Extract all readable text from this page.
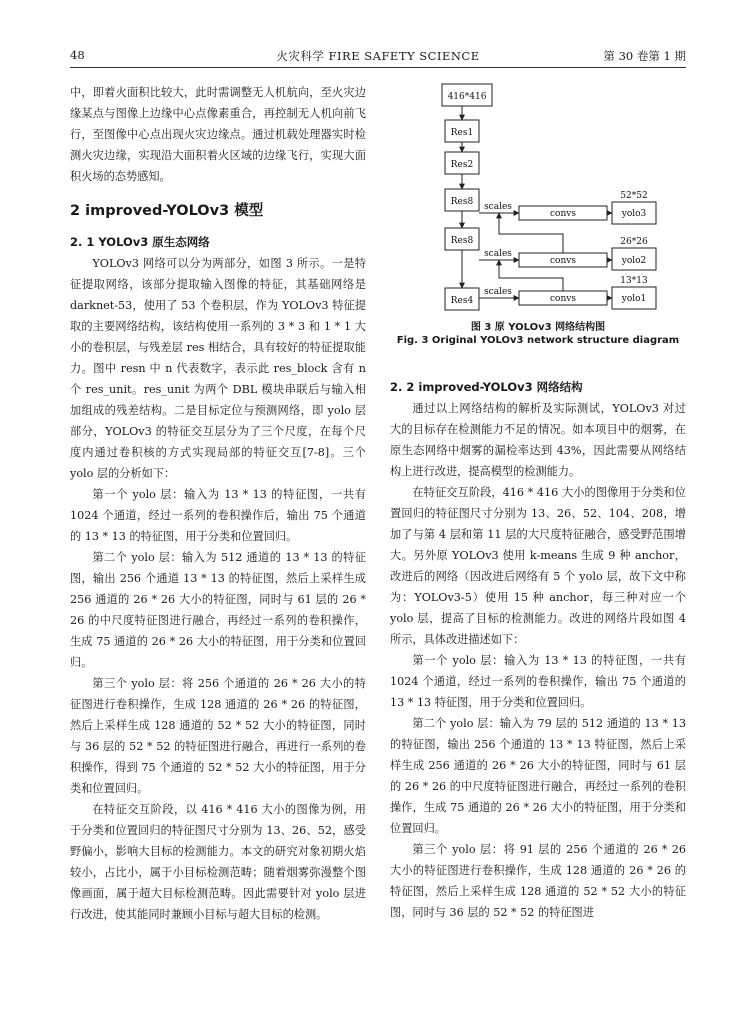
48	火灾科学 FIRE SAFETY SCIENCE	第 30 卷第 1 期

中，即着火面积比较大，此时需调整无人机航向，至火灾边缘某点与图像上边缘中心点像素重合，再控制无人机向前飞行，至图像中心点出现火灾边缘点。通过机载处理器实时检测火灾边缘，实现沿大面积着火区域的边缘飞行，实现大面积火场的态势感知。

2 improved-YOLOv3 模型
2. 1 YOLOv3 原生态网络

YOLOv3 网络可以分为两部分，如图 3 所示。一是特征提取网络，该部分提取输入图像的特征，其基础网络是 darknet-53，使用了 53 个卷积层，作为 YOLOv3 特征提取的主要网络结构，该结构使用一系列的 3 * 3 和 1 * 1 大小的卷积层，与残差层 res 相结合，具有较好的特征提取能力。图中 resn 中 n 代表数字，表示此 res_block 含有 n 个 res_unit。res_unit 为两个 DBL 模块串联后与输入相加组成的残差结构。二是目标定位与预测网络，即 yolo 层部分，YOLOv3 的特征交互层分为了三个尺度，在每个尺度内通过卷积核的方式实现局部的特征交互[7-8]。三个 yolo 层的分析如下：

第一个 yolo 层：输入为 13 * 13 的特征图，一共有 1024 个通道，经过一系列的卷积操作后，输出 75 个通道的 13 * 13 的特征图，用于分类和位置回归。

第二个 yolo 层：输入为 512 通道的 13 * 13 的特征图，输出 256 个通道 13 * 13 的特征图，然后上采样生成 256 通道的 26 * 26 大小的特征图，同时与 61 层的 26 * 26 的中尺度特征图进行融合，再经过一系列的卷积操作，生成 75 通道的 26 * 26 大小的特征图，用于分类和位置回归。

第三个 yolo 层：将 256 个通道的 26 * 26 大小的特征图进行卷积操作，生成 128 通道的 26 * 26 的特征图，然后上采样生成 128 通道的 52 * 52 大小的特征图，同时与 36 层的 52 * 52 的特征图进行融合，再进行一系列的卷积操作，得到 75 个通道的 52 * 52 大小的特征图，用于分类和位置回归。

在特征交互阶段，以 416 * 416 大小的图像为例，用于分类和位置回归的特征图尺寸分别为 13、26、52，感受野偏小，影响大目标的检测能力。本文的研究对象初期火焰较小，占比小，属于小目标检测范畴；随着烟雾弥漫整个图像画面，属于超大目标检测范畴。因此需要针对 yolo 层进行改进，使其能同时兼顾小目标与超大目标的检测。

416*416
Res1
Res2
Res8
Res8
Res4
scales
scales
scales
convs
convs
convs
yolo3
yolo2
yolo1
52*52
26*26
13*13
图 3 原 YOLOv3 网络结构图
Fig. 3 Original YOLOv3 network structure diagram
2. 2 improved-YOLOv3 网络结构

通过以上网络结构的解析及实际测试，YOLOv3 对过大的目标存在检测能力不足的情况。如本项目中的烟雾，在原生态网络中烟雾的漏检率达到 43%，因此需要从网络结构上进行改进，提高模型的检测能力。

在特征交互阶段，416 * 416 大小的图像用于分类和位置回归的特征图尺寸分别为 13、26、52、104、208，增加了与第 4 层和第 11 层的大尺度特征融合，感受野范围增大。另外原 YOLOv3 使用 k-means 生成 9 种 anchor，改进后的网络（因改进后网络有 5 个 yolo 层，故下文中称为：YOLOv3-5）使用 15 种 anchor，每三种对应一个 yolo 层，提高了目标的检测能力。改进的网络片段如图 4 所示，具体改进描述如下：

第一个 yolo 层：输入为 13 * 13 的特征图，一共有 1024 个通道，经过一系列的卷积操作，输出 75 个通道的 13 * 13 特征图，用于分类和位置回归。

第二个 yolo 层：输入为 79 层的 512 通道的 13 * 13 的特征图，输出 256 个通道的 13 * 13 特征图，然后上采样生成 256 通道的 26 * 26 大小的特征图，同时与 61 层的 26 * 26 的中尺度特征图进行融合，再经过一系列的卷积操作，生成 75 通道的 26 * 26 大小的特征图，用于分类和位置回归。

第三个 yolo 层：将 91 层的 256 个通道的 26 * 26 大小的特征图进行卷积操作，生成 128 通道的 26 * 26 的特征图，然后上采样生成 128 通道的 52 * 52 大小的特征图，同时与 36 层的 52 * 52 的特征图进
